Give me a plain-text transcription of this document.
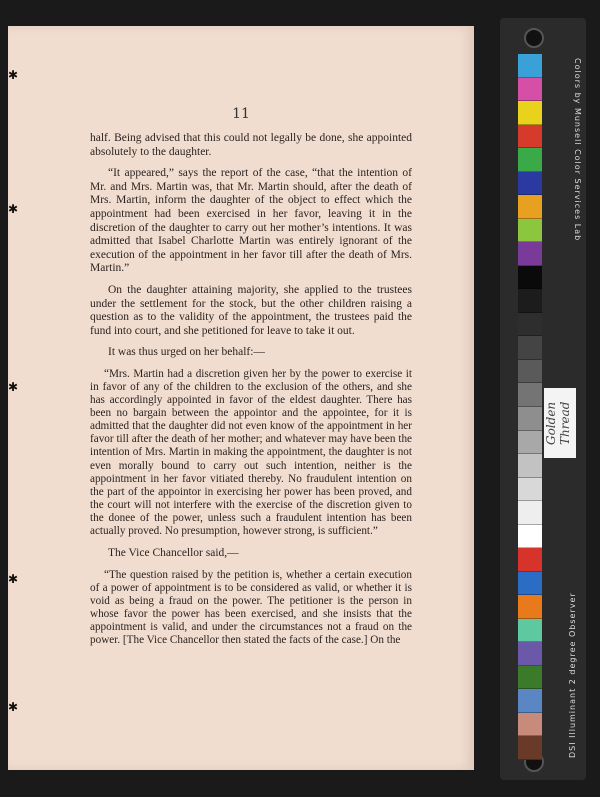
✱
✱
✱
✱
✱
11

half. Being advised that this could not legally be done, she appointed absolutely to the daughter.

“It appeared,” says the report of the case, “that the intention of Mr. and Mrs. Martin was, that Mr. Martin should, after the death of Mrs. Martin, inform the daughter of the object to effect which the appointment had been exercised in her favor, leaving it in the discretion of the daughter to carry out her mother’s intentions. It was admitted that Isabel Charlotte Martin was entirely ignorant of the execution of the appointment in her favor till after the death of Mrs. Martin.”

On the daughter attaining majority, she applied to the trustees under the settlement for the stock, but the other children raising a question as to the validity of the appointment, the trustees paid the fund into court, and she petitioned for leave to take it out.

It was thus urged on her behalf:—

“Mrs. Martin had a discretion given her by the power to exercise it in favor of any of the children to the exclusion of the others, and she has accordingly appointed in favor of the eldest daughter. There has been no bargain between the appointor and the appointee, for it is admitted that the daughter did not even know of the appointment in her favor till after the death of her mother; and whatever may have been the intention of Mrs. Martin in making the appointment, the daughter is not even morally bound to carry out such intention, neither is the appointment in her favor vitiated thereby. No fraudulent intention on the part of the appointor in exercising her power has been proved, and the court will not interfere with the exercise of the discretion given to the donee of the power, unless such a fraudulent intention has been actually proved. No presumption, however strong, is sufficient.”

The Vice Chancellor said,—

“The question raised by the petition is, whether a certain execution of a power of appointment is to be considered as valid, or whether it is void as being a fraud on the power. The petitioner is the person in whose favor the power has been exercised, and she insists that the appointment is valid, and under the circumstances not a fraud on the power. [The Vice Chancellor then stated the facts of the case.] On the

Colors by Munsell Color Services Lab
DSI Illuminant 2 degree Observer
Golden Thread
